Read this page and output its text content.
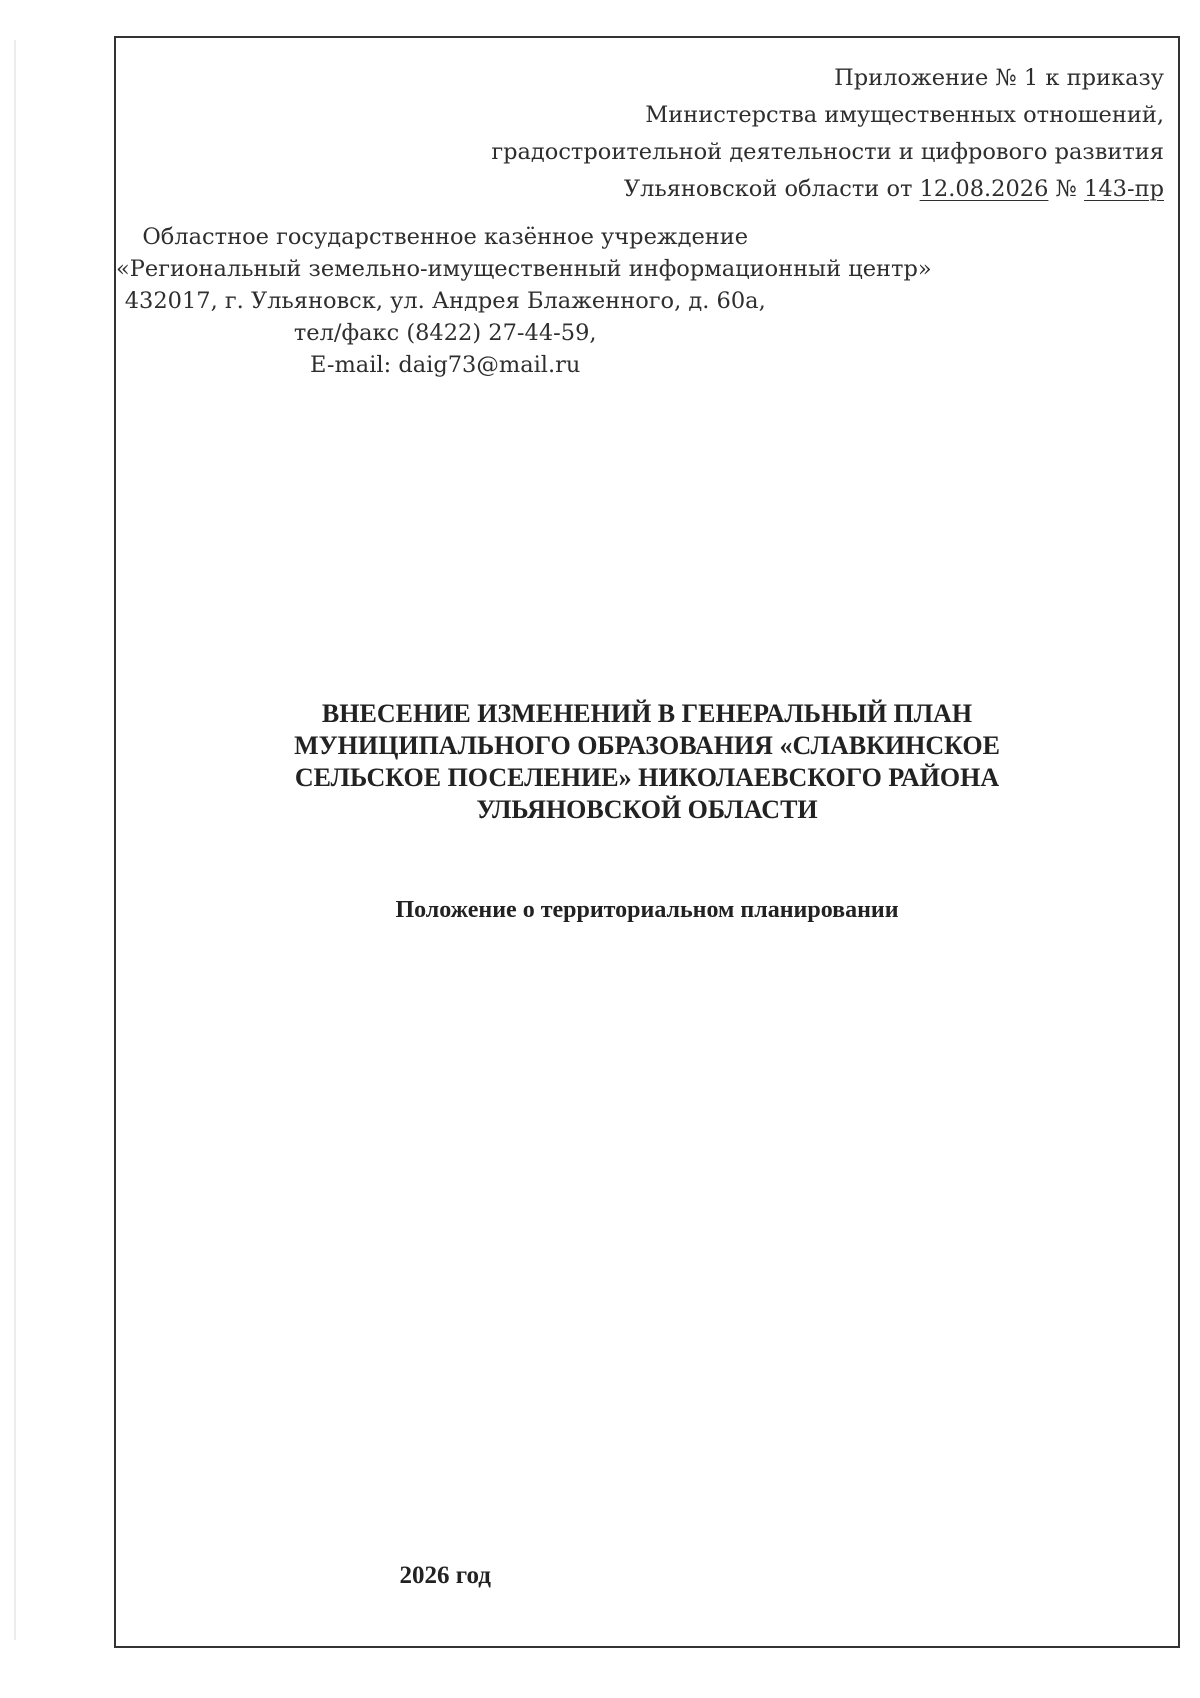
Приложение № 1 к приказу
Министерства имущественных отношений,
градостроительной деятельности и цифрового развития
Ульяновской области от 12.08.2026 № 143-пр
Областное государственное казённое учреждение
«Региональный земельно-имущественный информационный центр»
432017, г. Ульяновск, ул. Андрея Блаженного, д. 60а,
тел/факс (8422) 27-44-59,
E-mail: daig73@mail.ru
ВНЕСЕНИЕ ИЗМЕНЕНИЙ В ГЕНЕРАЛЬНЫЙ ПЛАН
МУНИЦИПАЛЬНОГО ОБРАЗОВАНИЯ «СЛАВКИНСКОЕ
СЕЛЬСКОЕ ПОСЕЛЕНИЕ» НИКОЛАЕВСКОГО РАЙОНА
УЛЬЯНОВСКОЙ ОБЛАСТИ
Положение о территориальном планировании
2026 год
